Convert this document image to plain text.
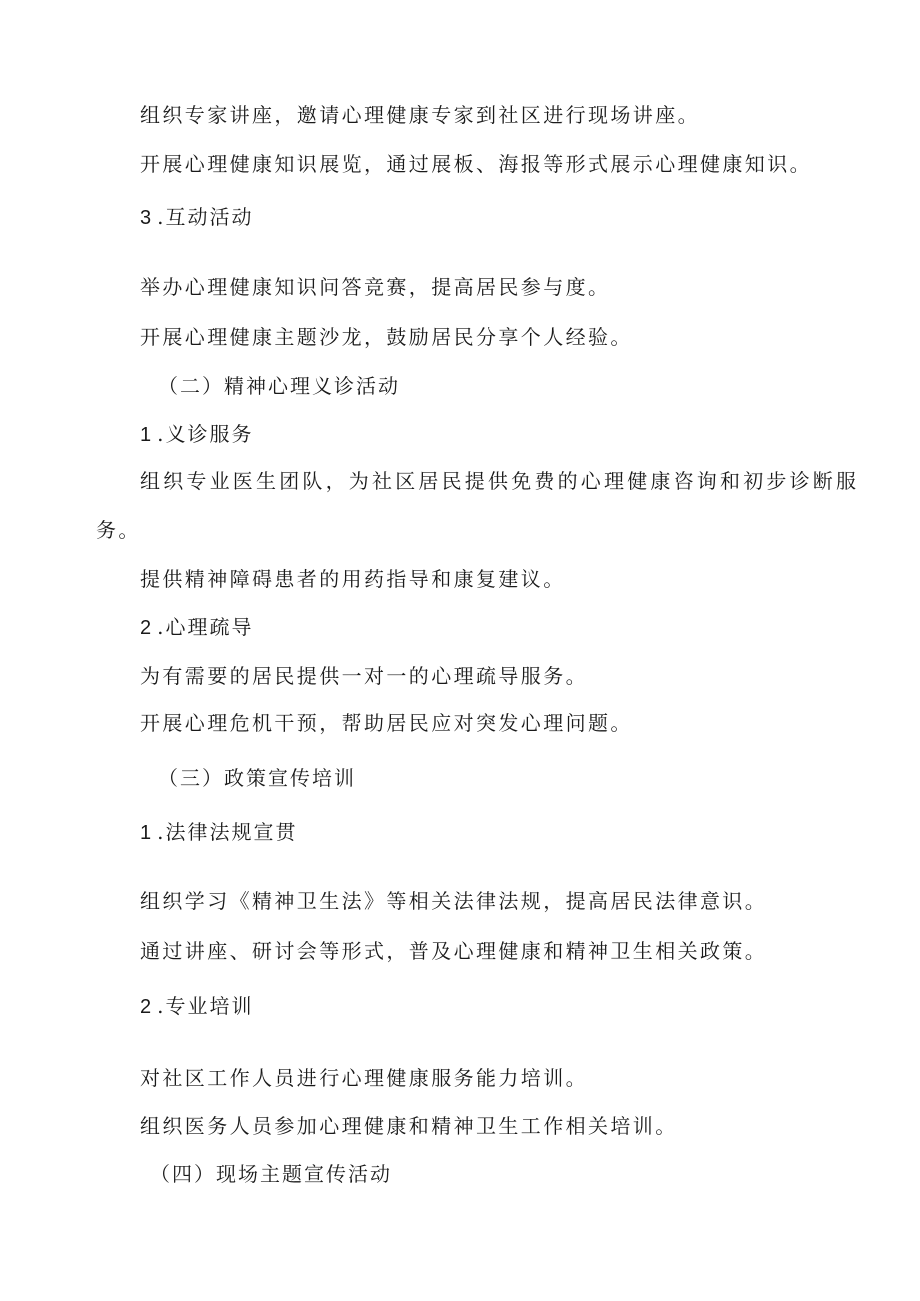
组织专家讲座，邀请心理健康专家到社区进行现场讲座。
开展心理健康知识展览，通过展板、海报等形式展示心理健康知识。
3 .互动活动
举办心理健康知识问答竞赛，提高居民参与度。
开展心理健康主题沙龙，鼓励居民分享个人经验。
（二）精神心理义诊活动
1 .义诊服务
组织专业医生团队，为社区居民提供免费的心理健康咨询和初步诊断服
务。
提供精神障碍患者的用药指导和康复建议。
2 .心理疏导
为有需要的居民提供一对一的心理疏导服务。
开展心理危机干预，帮助居民应对突发心理问题。
（三）政策宣传培训
1 .法律法规宣贯
组织学习《精神卫生法》等相关法律法规，提高居民法律意识。
通过讲座、研讨会等形式，普及心理健康和精神卫生相关政策。
2 .专业培训
对社区工作人员进行心理健康服务能力培训。
组织医务人员参加心理健康和精神卫生工作相关培训。
（四）现场主题宣传活动
